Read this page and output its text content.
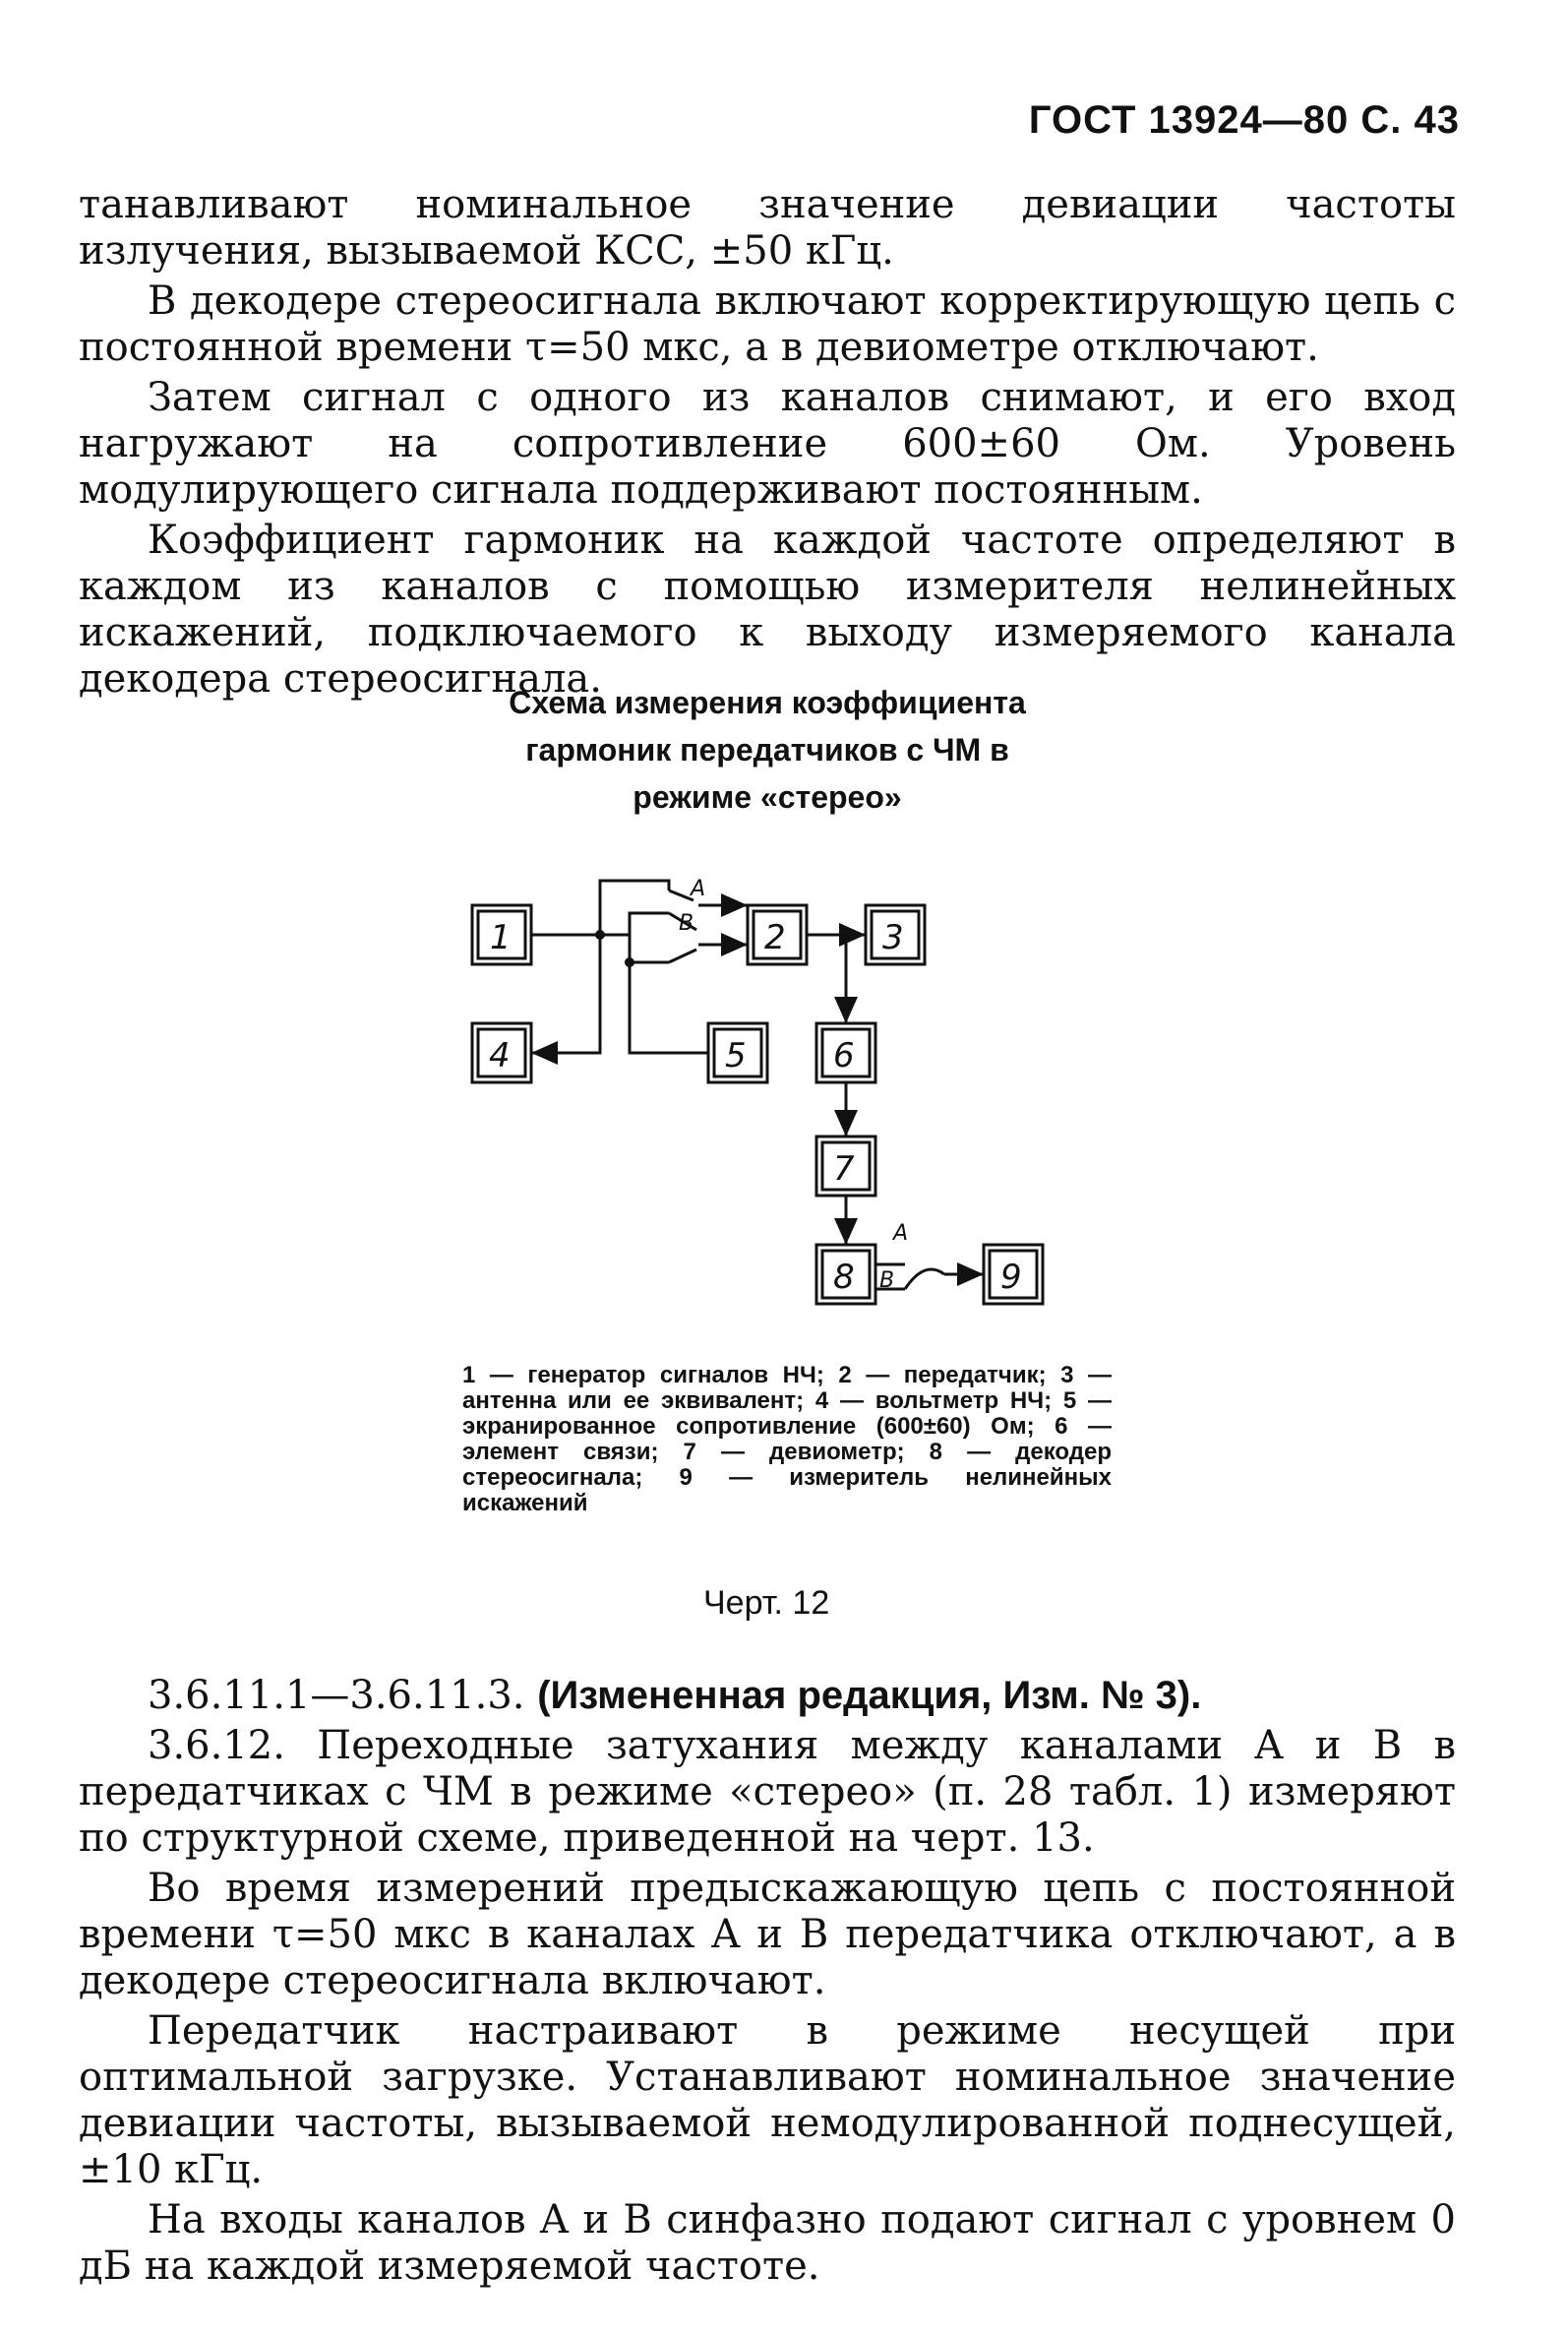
ГОСТ 13924—80 С. 43

танавливают номинальное значение девиации частоты излучения, вызываемой КСС, ±50 кГц.

В декодере стереосигнала включают корректирующую цепь с постоянной времени τ=50 мкс, а в девиометре отключают.

Затем сигнал с одного из каналов снимают, и его вход нагружают на сопротивление 600±60 Ом. Уровень модулирующего сигнала поддерживают постоянным.

Коэффициент гармоник на каждой частоте определяют в каждом из каналов с помощью измерителя нелинейных искажений, подключаемого к выходу измеряемого канала декодера стереосигнала.

Схема измерения коэффициента
гармоник передатчиков с ЧМ в
режиме «стерео»
1	2	3
4	5	6
7
8	9
A
B
A
B
1 — генератор сигналов НЧ; 2 — передатчик; 3 — антенна или ее эквивалент; 4 — вольтметр НЧ; 5 — экранированное сопротивление (600±60) Ом; 6 — элемент связи; 7 — девиометр; 8 — декодер стереосигнала; 9 — измеритель нелинейных искажений
Черт. 12

3.6.11.1—3.6.11.3. (Измененная редакция, Изм. № 3).

3.6.12. Переходные затухания между каналами A и B в передатчиках с ЧМ в режиме «стерео» (п. 28 табл. 1) измеряют по структурной схеме, приведенной на черт. 13.

Во время измерений предыскажающую цепь с постоянной времени τ=50 мкс в каналах A и B передатчика отключают, а в декодере стереосигнала включают.

Передатчик настраивают в режиме несущей при оптимальной загрузке. Устанавливают номинальное значение девиации частоты, вызываемой немодулированной поднесущей, ±10 кГц.

На входы каналов A и B синфазно подают сигнал с уровнем 0 дБ на каждой измеряемой частоте.
